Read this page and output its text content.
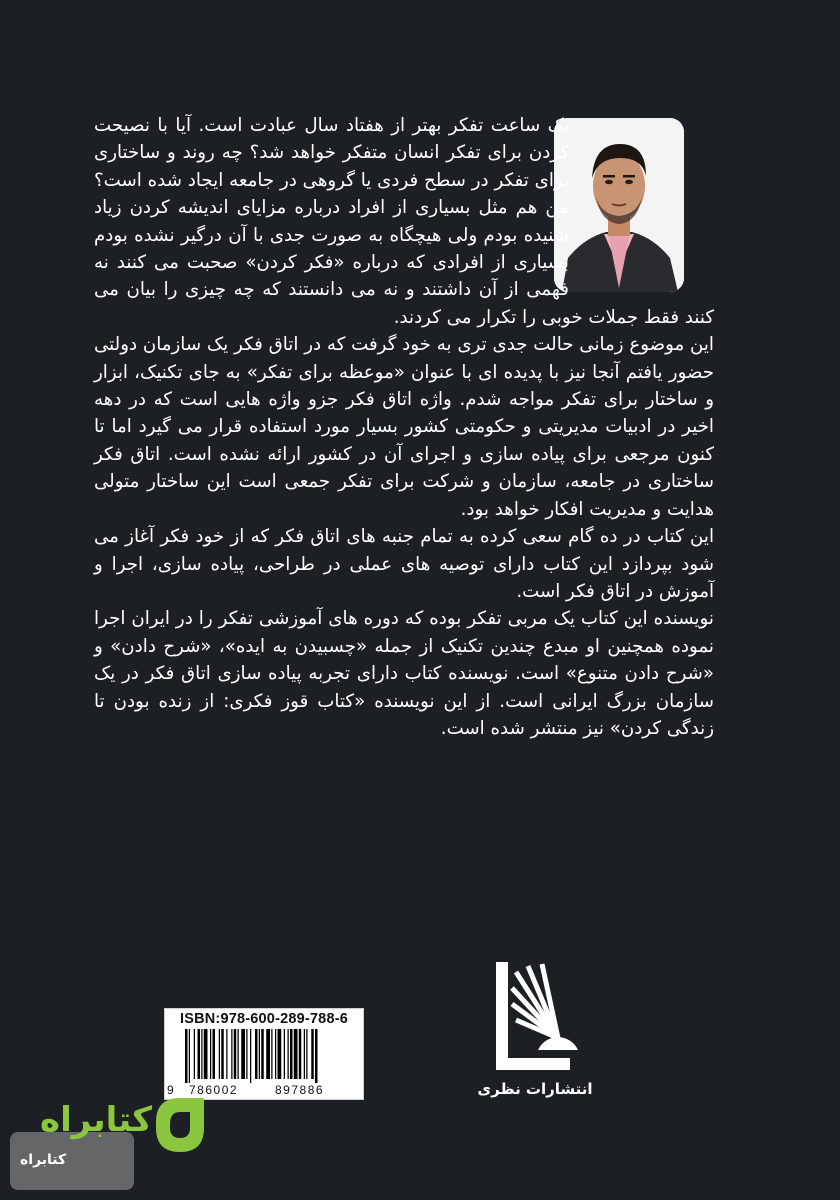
یک ساعت تفکر بهتر از هفتاد سال عبادت است. آیا با نصیحت کردن برای تفکر انسان متفکر خواهد شد؟ چه روند و ساختاری برای تفکر در سطح فردی یا گروهی در جامعه ایجاد شده است؟ من هم مثل بسیاری از افراد درباره مزایای اندیشه کردن زیاد شنیده بودم ولی هیچگاه به صورت جدی با آن درگیر نشده بودم بسیاری از افرادی که درباره «فکر کردن» صحبت می کنند نه فهمی از آن داشتند و نه می دانستند که چه چیزی را بیان می کنند فقط جملات خوبی را تکرار می کردند.

این موضوع زمانی حالت جدی تری به خود گرفت که در اتاق فکر یک سازمان دولتی حضور یافتم آنجا نیز با پدیده ای با عنوان «موعظه برای تفکر» به جای تکنیک، ابزار و ساختار برای تفکر مواجه شدم. واژه اتاق فکر جزو واژه هایی است که در دهه اخیر در ادبیات مدیریتی و حکومتی کشور بسیار مورد استفاده قرار می گیرد اما تا کنون مرجعی برای پیاده سازی و اجرای آن در کشور ارائه نشده است. اتاق فکر ساختاری در جامعه، سازمان و شرکت برای تفکر جمعی است این ساختار متولی هدایت و مدیریت افکار خواهد بود.

این کتاب در ده گام سعی کرده به تمام جنبه های اتاق فکر که از خود فکر آغاز می شود بپردازد این کتاب دارای توصیه های عملی در طراحی، پیاده سازی، اجرا و آموزش در اتاق فکر است.

نویسنده این کتاب یک مربی تفکر بوده که دوره های آموزشی تفکر را در ایران اجرا نموده همچنین او مبدع چندین تکنیک از جمله «چسبیدن به ایده»، «شرح دادن» و «شرح دادن متنوع» است. نویسنده کتاب دارای تجربه پیاده سازی اتاق فکر در یک سازمان بزرگ ایرانی است. از این نویسنده «کتاب قوز فکری: از زنده بودن تا زندگی کردن» نیز منتشر شده است.

ISBN:978-600-289-788-6
9 786002	897886	انتشارات نظری
کتابراه
کتابراه
